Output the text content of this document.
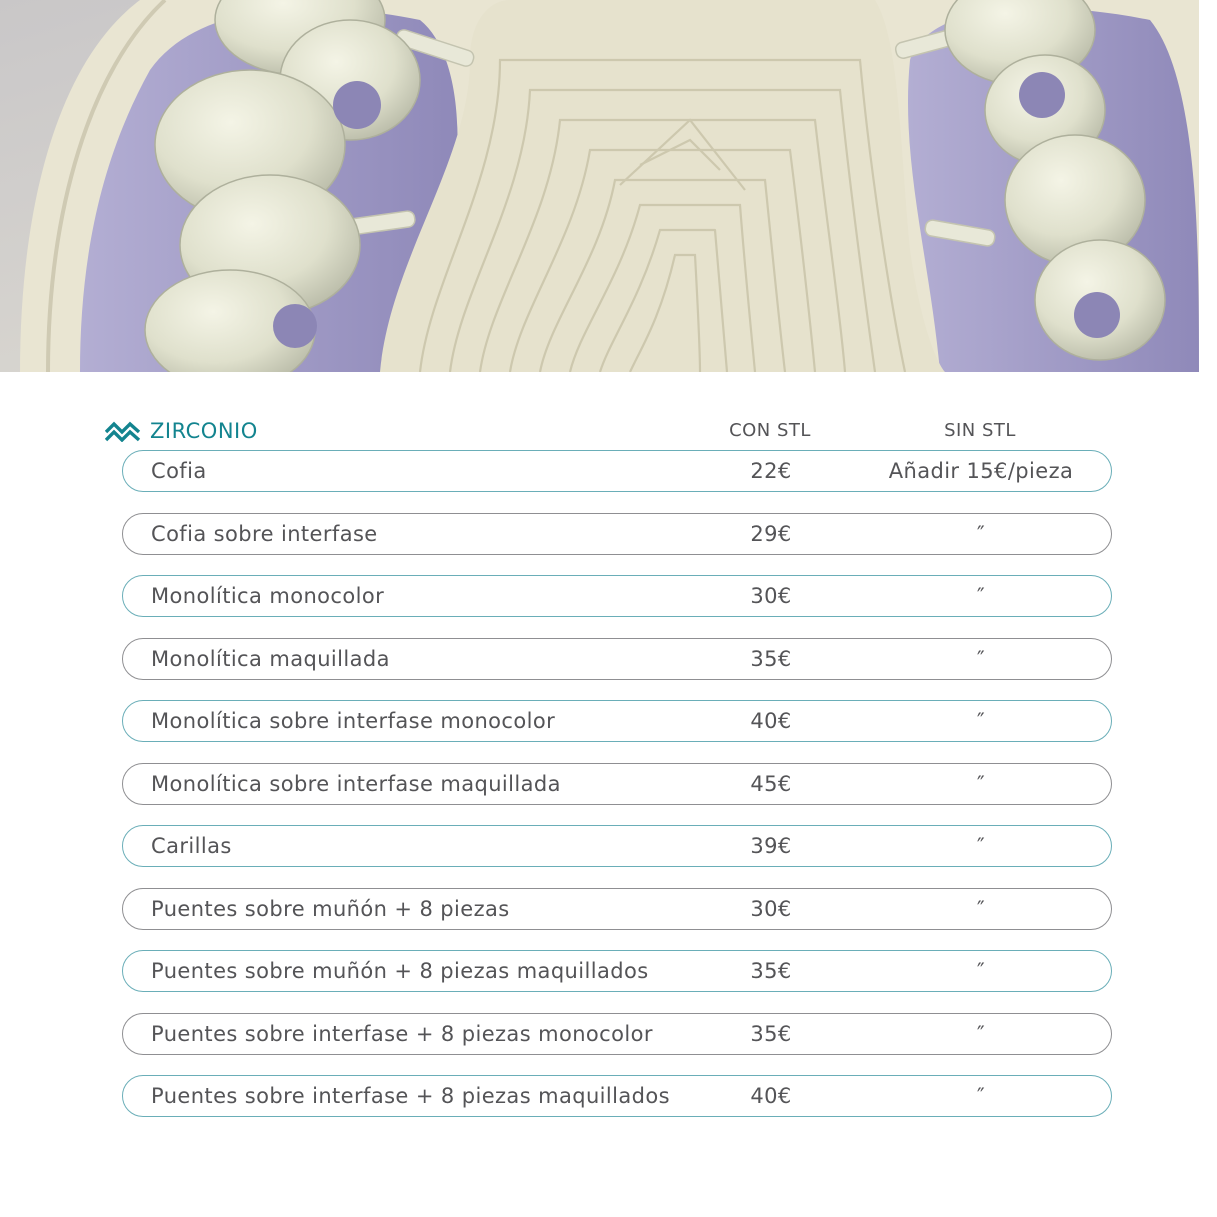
ZIRCONIO	CON STL	SIN STL
Cofia	22€	Añadir 15€/pieza
Cofia sobre interfase	29€	″
Monolítica monocolor	30€	″
Monolítica maquillada	35€	″
Monolítica sobre interfase monocolor	40€	″
Monolítica sobre interfase maquillada	45€	″
Carillas	39€	″
Puentes sobre muñón + 8 piezas	30€	″
Puentes sobre muñón + 8 piezas maquillados	35€	″
Puentes sobre interfase + 8 piezas monocolor	35€	″
Puentes sobre interfase + 8 piezas maquillados	40€	″
